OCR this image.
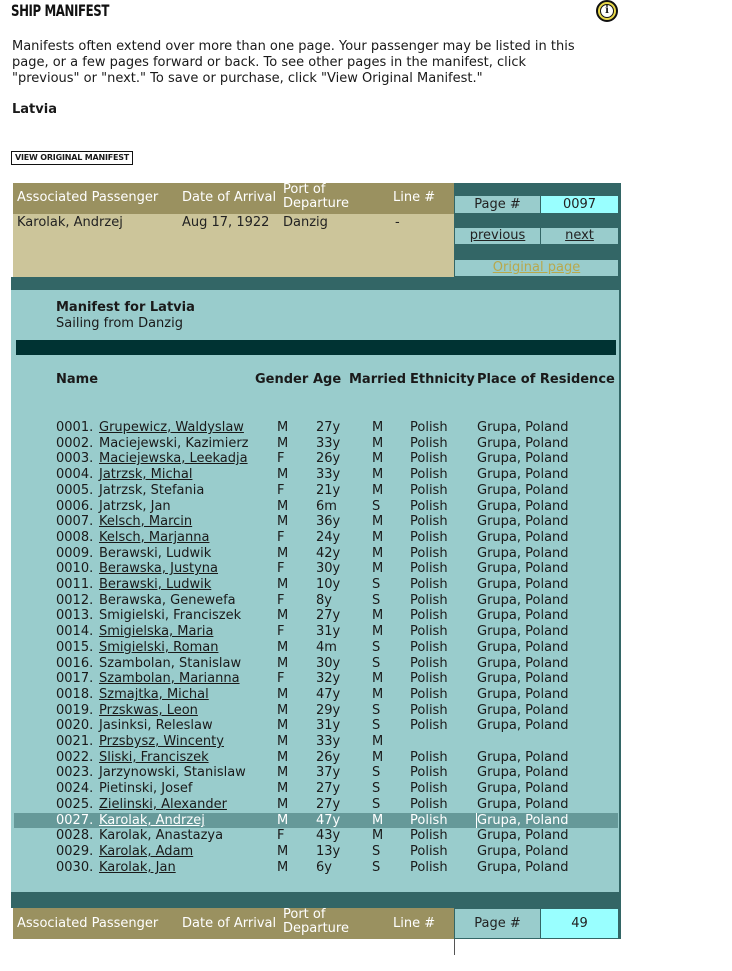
SHIP MANIFEST	i
Manifests often extend over more than one page. Your passenger may be listed in this page, or a few pages forward or back. To see other pages in the manifest, click "previous" or "next." To save or purchase, click "View Original Manifest."
Latvia
VIEW ORIGINAL MANIFEST
Associated Passenger Date of Arrival
Port of Departure	Line #
Karolak, Andrzej	Aug 17, 1922 Danzig	-
Page #	0097
previous	next
Original page
Manifest for Latvia
Sailing from Danzig
Name	Gender Age Married Ethnicity Place of Residence
0001. Grupewicz, Waldyslaw	M 27y M Polish Grupa, Poland
0002. Maciejewski, Kazimierz M 33y M Polish Grupa, Poland
0003. Maciejewska, Leekadja F 26y M Polish Grupa, Poland
0004. Jatrzsk, Michal	M 33y M Polish Grupa, Poland
0005. Jatrzsk, Stefania	F 21y M Polish Grupa, Poland
0006. Jatrzsk, Jan	M 6m	S Polish Grupa, Poland
0007. Kelsch, Marcin	M 36y M Polish Grupa, Poland
0008. Kelsch, Marjanna	F 24y M Polish Grupa, Poland
0009. Berawski, Ludwik	M 42y M Polish Grupa, Poland
0010. Berawska, Justyna	F 30y M Polish Grupa, Poland
0011. Berawski, Ludwik	M 10y S Polish Grupa, Poland
0012. Berawska, Genewefa	F 8y	S Polish Grupa, Poland
0013. Smigielski, Franciszek	M 27y M Polish Grupa, Poland
0014. Smigielska, Maria	F 31y M Polish Grupa, Poland
0015. Smigielski, Roman	M 4m	S Polish Grupa, Poland
0016. Szambolan, Stanislaw	M 30y S Polish Grupa, Poland
0017. Szambolan, Marianna	F 32y M Polish Grupa, Poland
0018. Szmajtka, Michal	M 47y M Polish Grupa, Poland
0019. Przskwas, Leon	M 29y S Polish Grupa, Poland
0020. Jasinksi, Releslaw	M 31y S Polish Grupa, Poland
0021. Przsbysz, Wincenty	M 33y M
0022. Sliski, Franciszek	M 26y M Polish Grupa, Poland
0023. Jarzynowski, Stanislaw M 37y S Polish Grupa, Poland
0024. Pietinski, Josef	M 27y S Polish Grupa, Poland
0025. Zielinski, Alexander	M 27y S Polish Grupa, Poland
0027. Karolak, Andrzej	M 47y M Polish Grupa, Poland
0028. Karolak, Anastazya	F 43y M Polish Grupa, Poland
0029. Karolak, Adam	M 13y S Polish Grupa, Poland
0030. Karolak, Jan	M 6y	S Polish Grupa, Poland
Associated Passenger Date of Arrival
Port of Departure	Line #	Page #	49
